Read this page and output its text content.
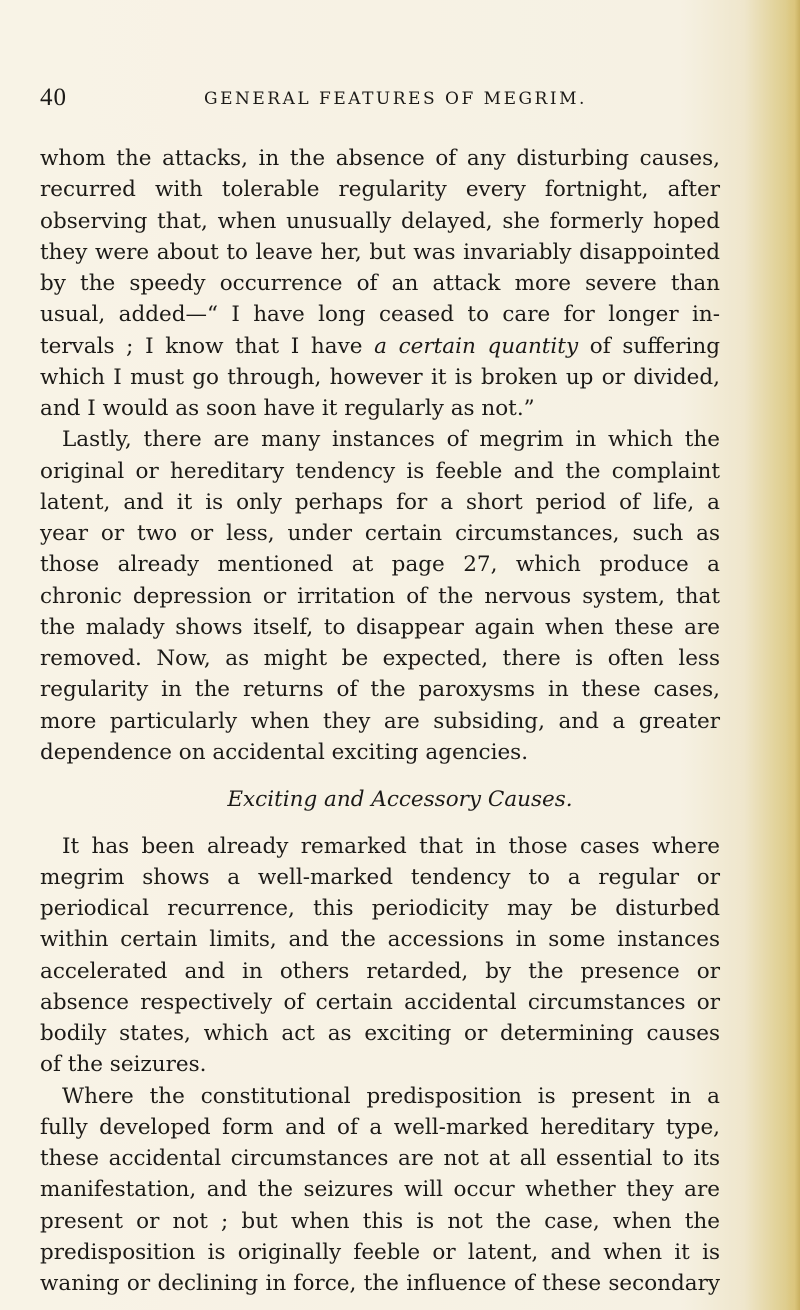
40	GENERAL FEATURES OF MEGRIM.
whom the attacks, in the absence of any disturbing causes,
recurred with tolerable regularity every fortnight, after
observing that, when unusually delayed, she formerly hoped
they were about to leave her, but was invariably disappointed
by the speedy occurrence of an attack more severe than
usual, added—“ I have long ceased to care for longer in-
tervals ; I know that I have a certain quantity of suffering
which I must go through, however it is broken up or divided,
and I would as soon have it regularly as not.”
Lastly, there are many instances of megrim in which the
original or hereditary tendency is feeble and the complaint
latent, and it is only perhaps for a short period of life, a
year or two or less, under certain circumstances, such as
those already mentioned at page 27, which produce a
chronic depression or irritation of the nervous system, that
the malady shows itself, to disappear again when these are
removed. Now, as might be expected, there is often less
regularity in the returns of the paroxysms in these cases,
more particularly when they are subsiding, and a greater
dependence on accidental exciting agencies.
Exciting and Accessory Causes.
It has been already remarked that in those cases where
megrim shows a well-marked tendency to a regular or
periodical recurrence, this periodicity may be disturbed
within certain limits, and the accessions in some instances
accelerated and in others retarded, by the presence or
absence respectively of certain accidental circumstances or
bodily states, which act as exciting or determining causes
of the seizures.
Where the constitutional predisposition is present in a
fully developed form and of a well-marked hereditary type,
these accidental circumstances are not at all essential to its
manifestation, and the seizures will occur whether they are
present or not ; but when this is not the case, when the
predisposition is originally feeble or latent, and when it is
waning or declining in force, the influence of these secondary
